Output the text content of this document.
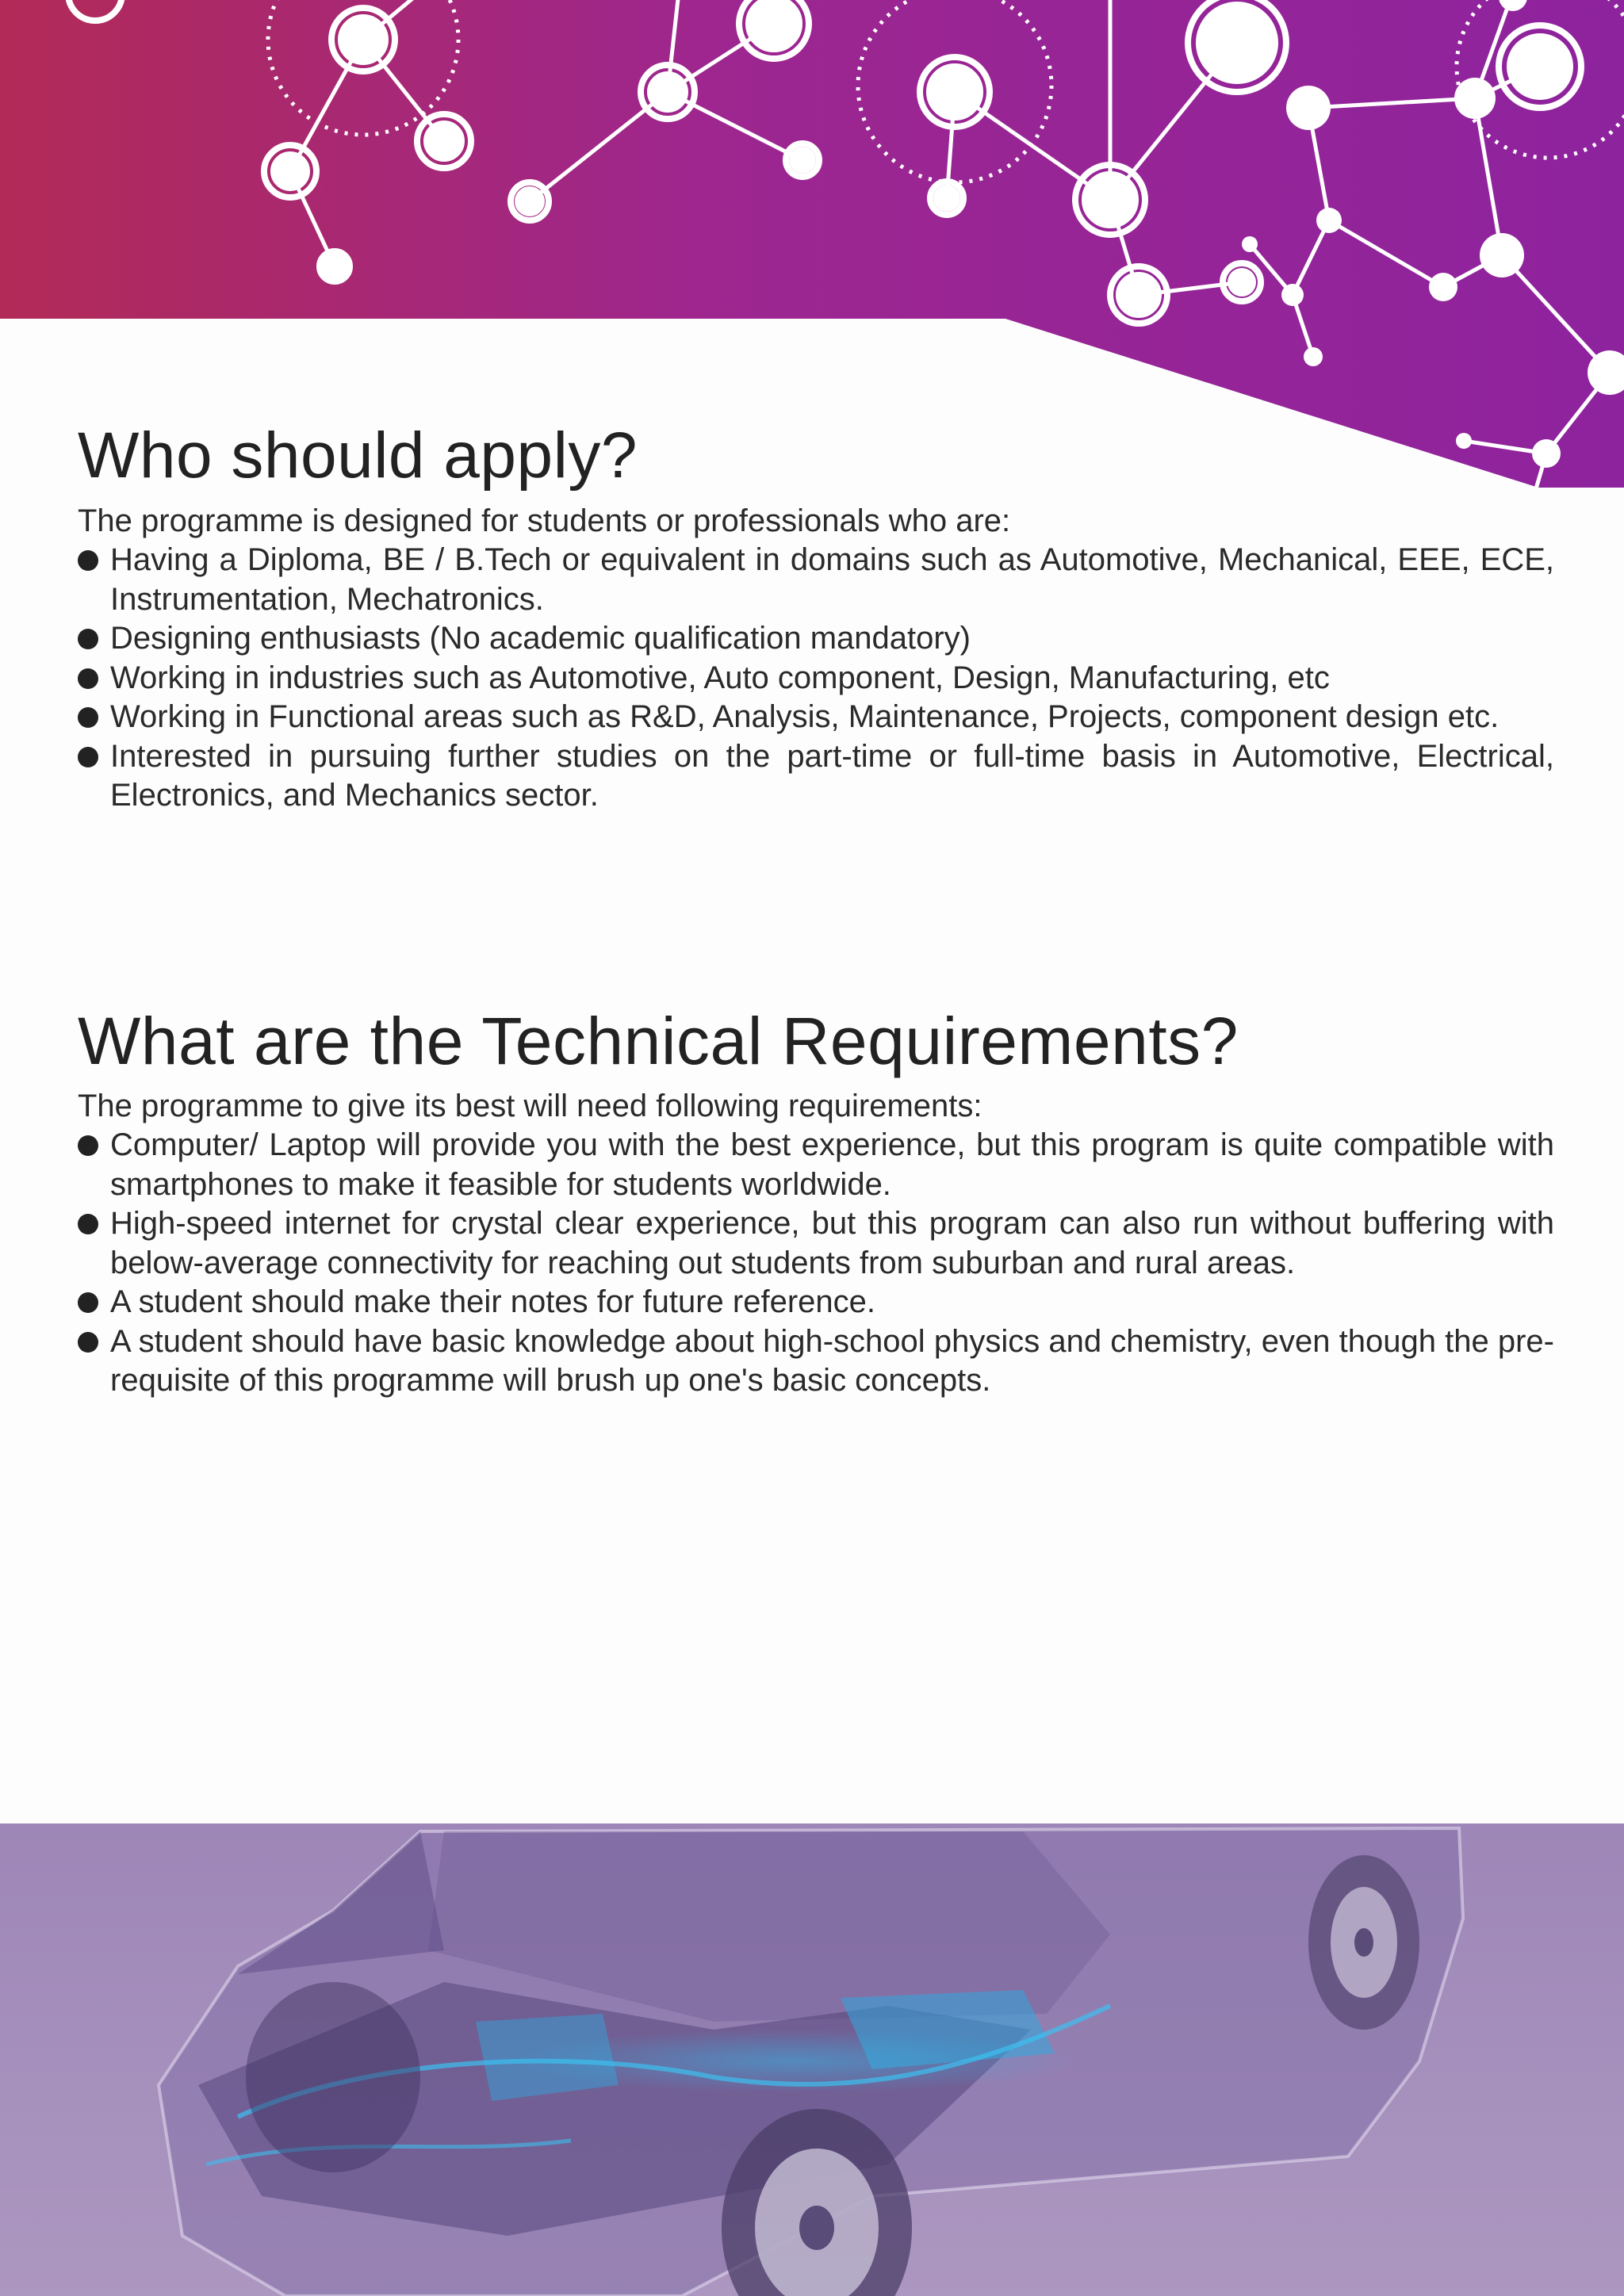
Who should apply?

The programme is designed for students or professionals who are:

Having a Diploma, BE / B.Tech or equivalent in domains such as Automotive, Mechanical, EEE, ECE, Instrumentation, Mechatronics.
Designing enthusiasts (No academic qualification mandatory)
Working in industries such as Automotive, Auto component, Design, Manufacturing, etc
Working in Functional areas such as R&D, Analysis, Maintenance, Projects, component design etc.
Interested in pursuing further studies on the part-time or full-time basis in Automotive, Electrical, Electronics, and Mechanics sector.
What are the Technical Requirements?

The programme to give its best will need following requirements:

Computer/ Laptop will provide you with the best experience, but this program is quite compatible with smartphones to make it feasible for students worldwide.
High-speed internet for crystal clear experience, but this program can also run without buffering with below-average connectivity for reaching out students from suburban and rural areas.
A student should make their notes for future reference.
A student should have basic knowledge about high-school physics and chemistry, even though the pre-requisite of this programme will brush up one's basic concepts.
